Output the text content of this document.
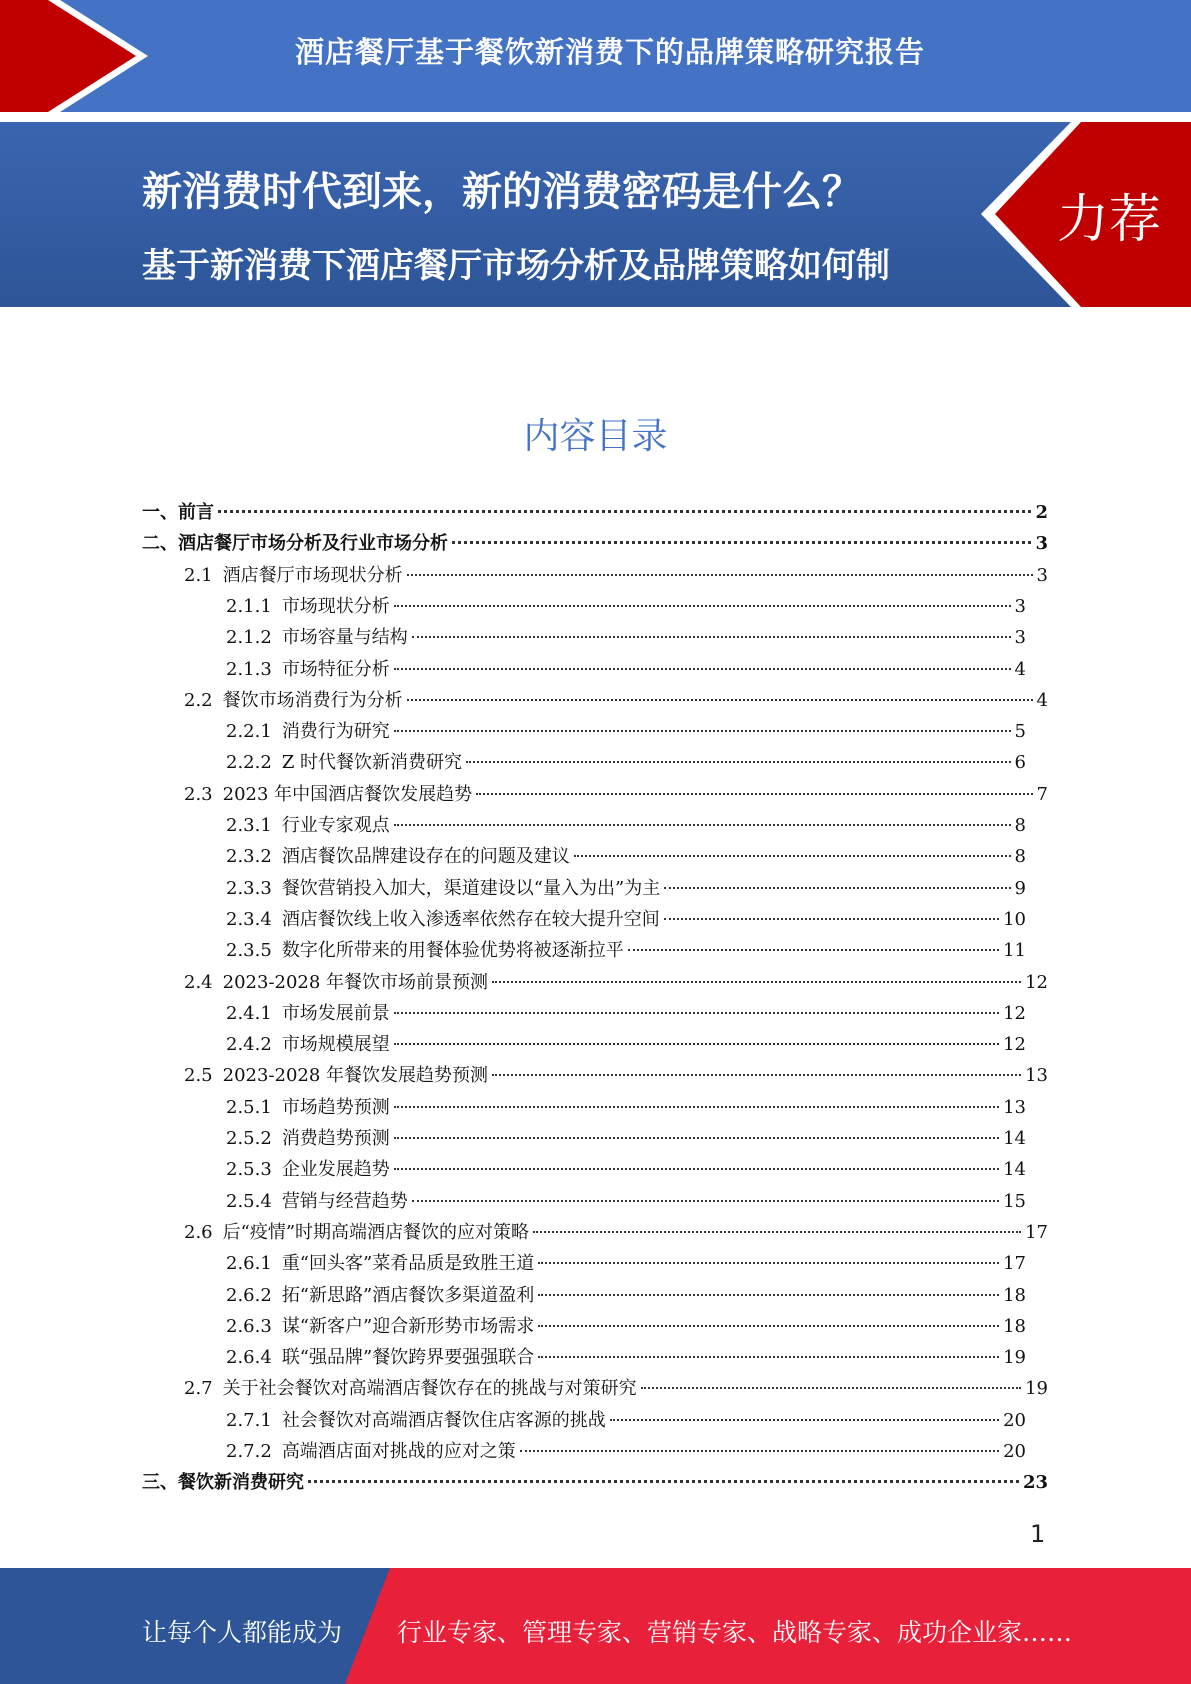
酒店餐厅基于餐饮新消费下的品牌策略研究报告
新消费时代到来，新的消费密码是什么？
基于新消费下酒店餐厅市场分析及品牌策略如何制定？？？
力荐
内容目录
一、 前言	2
二、 酒店餐厅市场分析及行业市场分析	3
2.1 酒店餐厅市场现状分析	3
2.1.1 市场现状分析	3
2.1.2 市场容量与结构	3
2.1.3 市场特征分析	4
2.2 餐饮市场消费行为分析	4
2.2.1 消费行为研究	5
2.2.2 Z 时代餐饮新消费研究	6
2.3 2023 年中国酒店餐饮发展趋势	7
2.3.1 行业专家观点	8
2.3.2 酒店餐饮品牌建设存在的问题及建议	8
2.3.3 餐饮营销投入加大，渠道建设以“量入为出”为主	9
2.3.4 酒店餐饮线上收入渗透率依然存在较大提升空间	10
2.3.5 数字化所带来的用餐体验优势将被逐渐拉平	11
2.4 2023-2028 年餐饮市场前景预测	12
2.4.1 市场发展前景	12
2.4.2 市场规模展望	12
2.5 2023-2028 年餐饮发展趋势预测	13
2.5.1 市场趋势预测	13
2.5.2 消费趋势预测	14
2.5.3 企业发展趋势	14
2.5.4 营销与经营趋势	15
2.6 后“疫情”时期高端酒店餐饮的应对策略	17
2.6.1 重“回头客”菜肴品质是致胜王道	17
2.6.2 拓“新思路”酒店餐饮多渠道盈利	18
2.6.3 谋“新客户”迎合新形势市场需求	18
2.6.4 联“强品牌”餐饮跨界要强强联合	19
2.7 关于社会餐饮对高端酒店餐饮存在的挑战与对策研究	19
2.7.1 社会餐饮对高端酒店餐饮住店客源的挑战	20
2.7.2 高端酒店面对挑战的应对之策	20
三、 餐饮新消费研究	23
1
让每个人都能成为 行业专家、管理专家、营销专家、战略专家、成功企业家……
